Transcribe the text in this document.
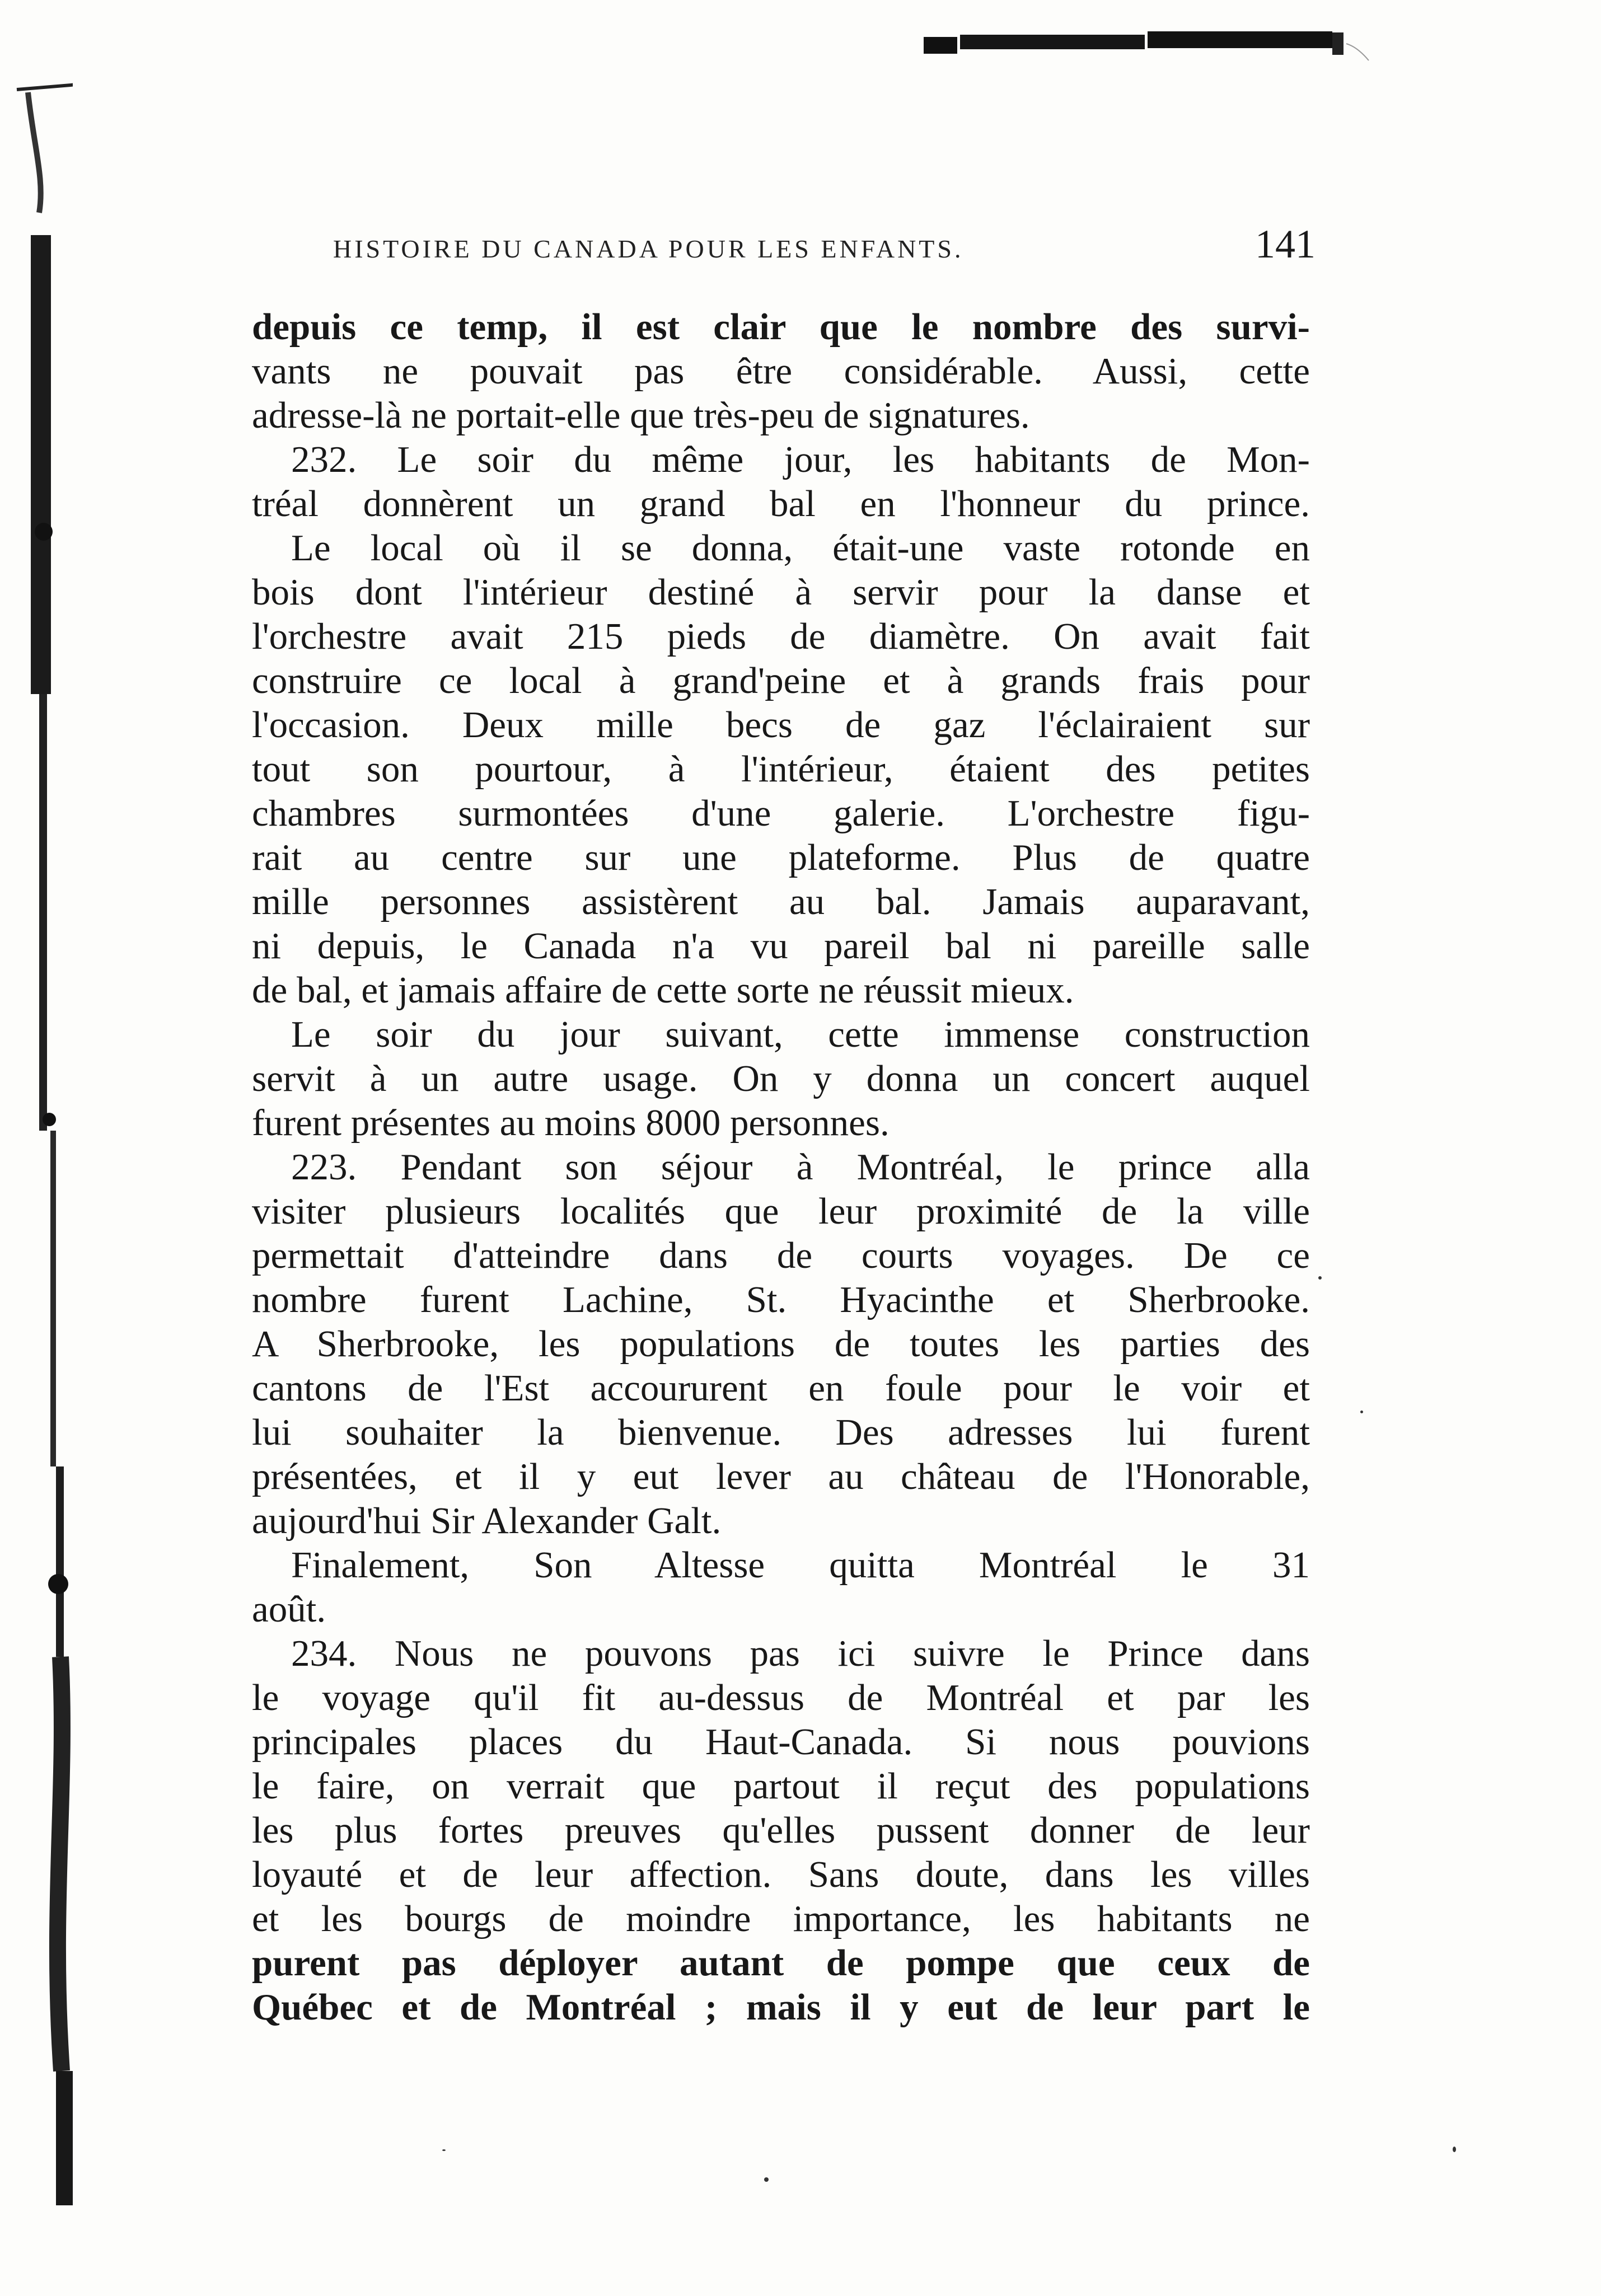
HISTOIRE DU CANADA POUR LES ENFANTS.	141
depuis ce temp, il est clair que le nombre des survi-
vants ne pouvait pas être considérable. Aussi, cette
adresse-là ne portait-elle que très-peu de signatures.
232. Le soir du même jour, les habitants de Mon-
tréal donnèrent un grand bal en l'honneur du prince.
Le local où il se donna, était-une vaste rotonde en
bois dont l'intérieur destiné à servir pour la danse et
l'orchestre avait 215 pieds de diamètre. On avait fait
construire ce local à grand'peine et à grands frais pour
l'occasion. Deux mille becs de gaz l'éclairaient sur
tout son pourtour, à l'intérieur, étaient des petites
chambres surmontées d'une galerie. L'orchestre figu-
rait au centre sur une plateforme. Plus de quatre
mille personnes assistèrent au bal. Jamais auparavant,
ni depuis, le Canada n'a vu pareil bal ni pareille salle
de bal, et jamais affaire de cette sorte ne réussit mieux.
Le soir du jour suivant, cette immense construction
servit à un autre usage. On y donna un concert auquel
furent présentes au moins 8000 personnes.
223. Pendant son séjour à Montréal, le prince alla
visiter plusieurs localités que leur proximité de la ville
permettait d'atteindre dans de courts voyages. De ce
nombre furent Lachine, St. Hyacinthe et Sherbrooke.
A Sherbrooke, les populations de toutes les parties des
cantons de l'Est accoururent en foule pour le voir et
lui souhaiter la bienvenue. Des adresses lui furent
présentées, et il y eut lever au château de l'Honorable,
aujourd'hui Sir Alexander Galt.
Finalement, Son Altesse quitta Montréal le 31
août.
234. Nous ne pouvons pas ici suivre le Prince dans
le voyage qu'il fit au-dessus de Montréal et par les
principales places du Haut-Canada. Si nous pouvions
le faire, on verrait que partout il reçut des populations
les plus fortes preuves qu'elles pussent donner de leur
loyauté et de leur affection. Sans doute, dans les villes
et les bourgs de moindre importance, les habitants ne
purent pas déployer autant de pompe que ceux de
Québec et de Montréal ; mais il y eut de leur part le
